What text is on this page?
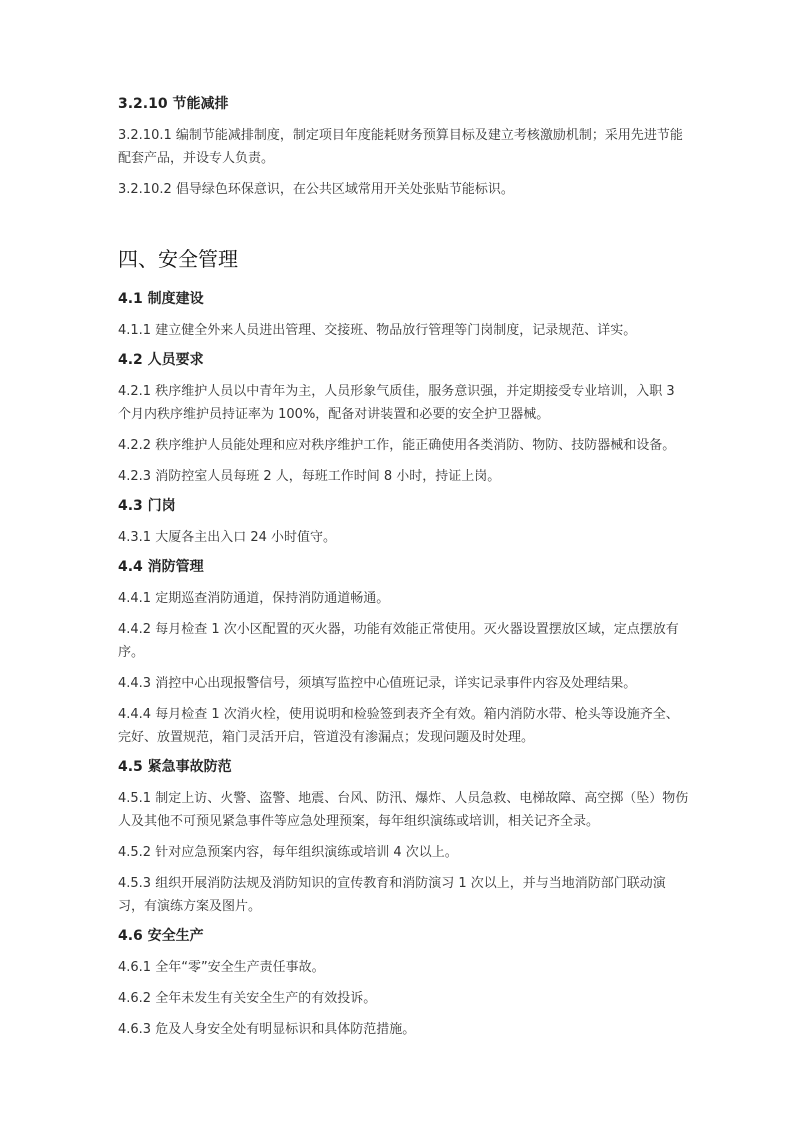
3.2.10 节能减排
3.2.10.1 编制节能减排制度，制定项目年度能耗财务预算目标及建立考核激励机制；采用先进节能配套产品，并设专人负责。
3.2.10.2 倡导绿色环保意识，在公共区域常用开关处张贴节能标识。
四、安全管理
4.1 制度建设
4.1.1 建立健全外来人员进出管理、交接班、物品放行管理等门岗制度，记录规范、详实。
4.2 人员要求
4.2.1 秩序维护人员以中青年为主，人员形象气质佳，服务意识强，并定期接受专业培训，入职 3 个月内秩序维护员持证率为 100%，配备对讲装置和必要的安全护卫器械。
4.2.2 秩序维护人员能处理和应对秩序维护工作，能正确使用各类消防、物防、技防器械和设备。
4.2.3 消防控室人员每班 2 人，每班工作时间 8 小时，持证上岗。
4.3 门岗
4.3.1 大厦各主出入口 24 小时值守。
4.4 消防管理
4.4.1 定期巡查消防通道，保持消防通道畅通。
4.4.2 每月检查 1 次小区配置的灭火器，功能有效能正常使用。灭火器设置摆放区域，定点摆放有序。
4.4.3 消控中心出现报警信号，须填写监控中心值班记录，详实记录事件内容及处理结果。
4.4.4 每月检查 1 次消火栓，使用说明和检验签到表齐全有效。箱内消防水带、枪头等设施齐全、完好、放置规范，箱门灵活开启，管道没有渗漏点；发现问题及时处理。
4.5 紧急事故防范
4.5.1 制定上访、火警、盗警、地震、台风、防汛、爆炸、人员急救、电梯故障、高空掷（坠）物伤人及其他不可预见紧急事件等应急处理预案，每年组织演练或培训，相关记齐全录。
4.5.2 针对应急预案内容，每年组织演练或培训 4 次以上。
4.5.3 组织开展消防法规及消防知识的宣传教育和消防演习 1 次以上，并与当地消防部门联动演习，有演练方案及图片。
4.6 安全生产
4.6.1 全年“零”安全生产责任事故。
4.6.2 全年未发生有关安全生产的有效投诉。
4.6.3 危及人身安全处有明显标识和具体防范措施。
